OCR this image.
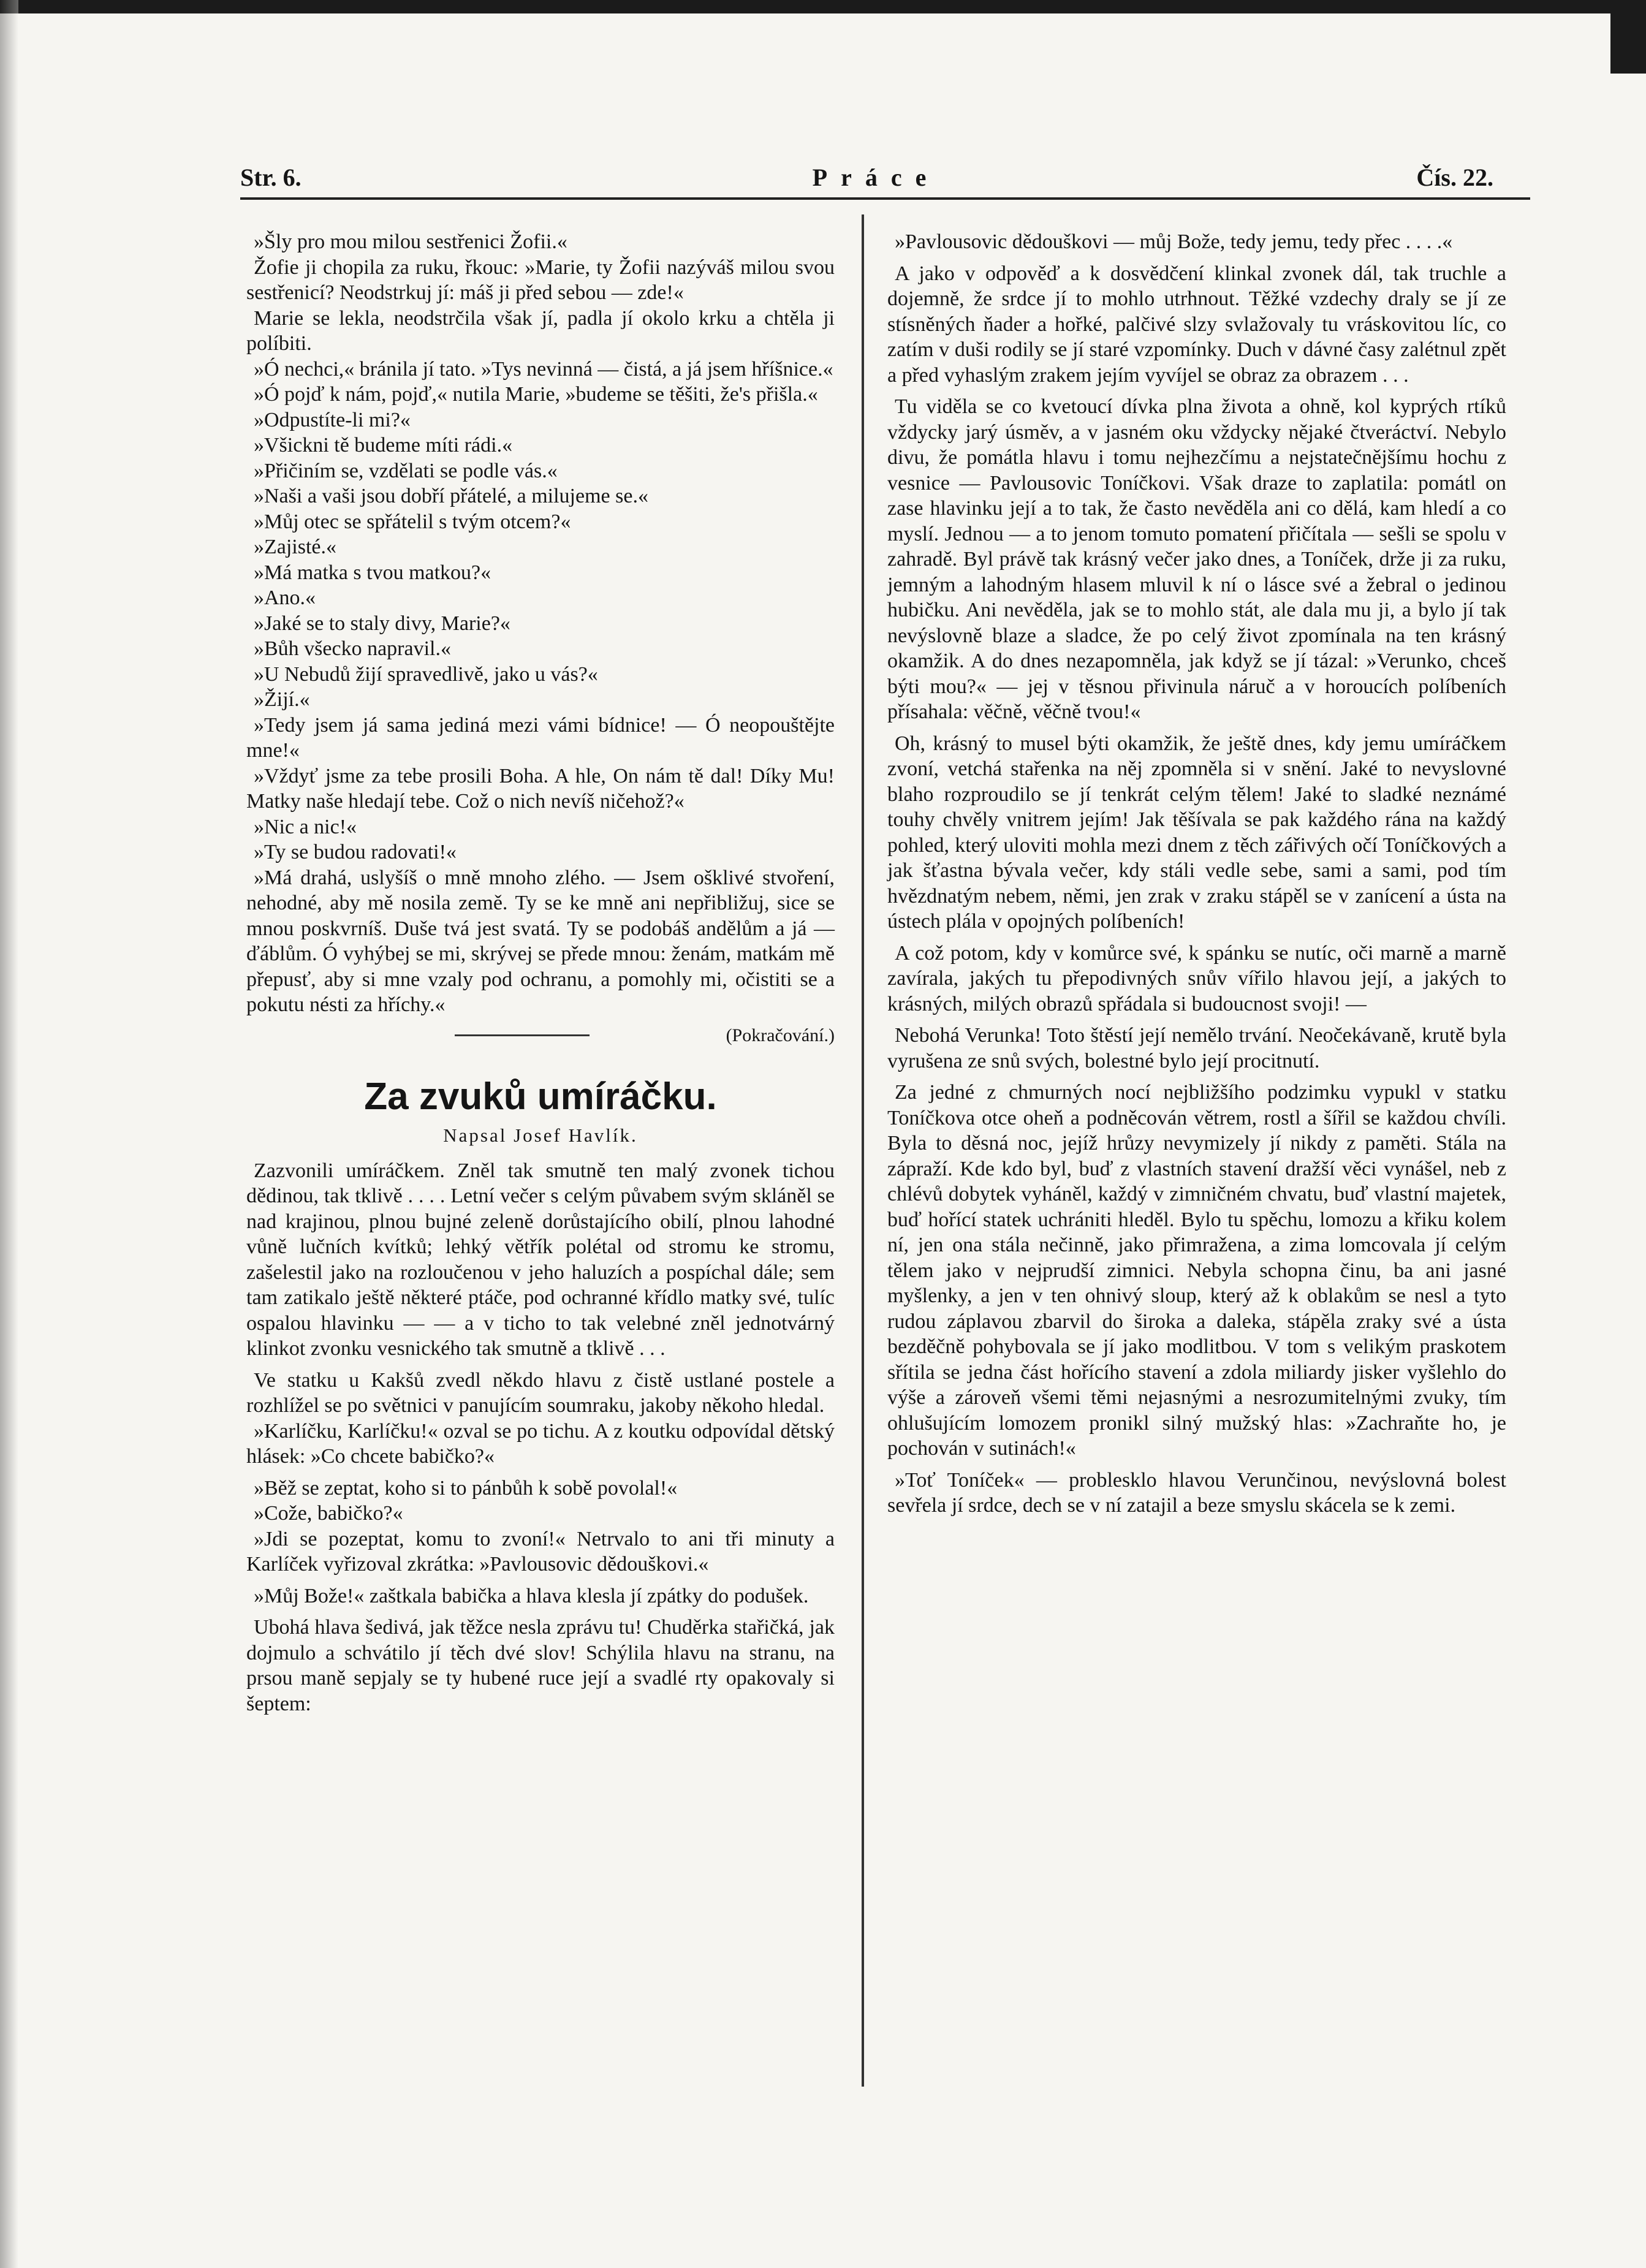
Práce
Str. 6.	Čís. 22.

»Šly pro mou milou sestřenici Žofii.«

Žofie ji chopila za ruku, řkouc: »Marie, ty Žofii nazýváš milou svou sestřenicí? Neodstrkuj jí: máš ji před sebou — zde!«

Marie se lekla, neodstrčila však jí, padla jí okolo krku a chtěla ji políbiti.

»Ó nechci,« bránila jí tato. »Tys nevinná — čistá, a já jsem hříšnice.«

»Ó pojď k nám, pojď,« nutila Marie, »budeme se těšiti, že's přišla.«

»Odpustíte-li mi?«

»Všickni tě budeme míti rádi.«

»Přičiním se, vzdělati se podle vás.«

»Naši a vaši jsou dobří přátelé, a milujeme se.«

»Můj otec se spřátelil s tvým otcem?«

»Zajisté.«

»Má matka s tvou matkou?«

»Ano.«

»Jaké se to staly divy, Marie?«

»Bůh všecko napravil.«

»U Nebudů žijí spravedlivě, jako u vás?«

»Žijí.«

»Tedy jsem já sama jediná mezi vámi bídnice! — Ó neopouštějte mne!«

»Vždyť jsme za tebe prosili Boha. A hle, On nám tě dal! Díky Mu! Matky naše hledají tebe. Což o nich nevíš ničehož?«

»Nic a nic!«

»Ty se budou radovati!«

»Má drahá, uslyšíš o mně mnoho zlého. — Jsem ošklivé stvoření, nehodné, aby mě nosila země. Ty se ke mně ani nepřibližuj, sice se mnou poskvrníš. Duše tvá jest svatá. Ty se podobáš andělům a já — ďáblům. Ó vyhýbej se mi, skrývej se přede mnou: ženám, matkám mě přepusť, aby si mne vzaly pod ochranu, a pomohly mi, očistiti se a pokutu nésti za hříchy.«

(Pokračování.)
Za zvuků umíráčku.
Napsal Josef Havlík.

Zazvonili umíráčkem. Zněl tak smutně ten malý zvonek tichou dědinou, tak tklivě . . . . Letní večer s celým půvabem svým skláněl se nad krajinou, plnou bujné zeleně dorůstajícího obilí, plnou lahodné vůně lučních kvítků; lehký větřík polétal od stromu ke stromu, zašelestil jako na rozloučenou v jeho haluzích a pospíchal dále; sem tam zatikalo ještě některé ptáče, pod ochranné křídlo matky své, tulíc ospalou hlavinku — — a v ticho to tak velebné zněl jednotvárný klinkot zvonku vesnického tak smutně a tklivě . . .

Ve statku u Kakšů zvedl někdo hlavu z čistě ustlané postele a rozhlížel se po světnici v panujícím soumraku, jakoby někoho hledal.

»Karlíčku, Karlíčku!« ozval se po tichu. A z koutku odpovídal dětský hlásek: »Co chcete babičko?«

»Běž se zeptat, koho si to pánbůh k sobě povolal!«

»Cože, babičko?«

»Jdi se pozeptat, komu to zvoní!« Netrvalo to ani tři minuty a Karlíček vyřizoval zkrátka: »Pavlousovic dědouškovi.«

»Můj Bože!« zaštkala babička a hlava klesla jí zpátky do podušek.

Ubohá hlava šedivá, jak těžce nesla zprávu tu! Chuděrka stařičká, jak dojmulo a schvátilo jí těch dvé slov! Schýlila hlavu na stranu, na prsou maně sepjaly se ty hubené ruce její a svadlé rty opakovaly si šeptem:

»Pavlousovic dědouškovi — můj Bože, tedy jemu, tedy přec . . . .«

A jako v odpověď a k dosvědčení klinkal zvonek dál, tak truchle a dojemně, že srdce jí to mohlo utrhnout. Těžké vzdechy draly se jí ze stísněných ňader a hořké, palčivé slzy svlažovaly tu vráskovitou líc, co zatím v duši rodily se jí staré vzpomínky. Duch v dávné časy zalétnul zpět a před vyhaslým zrakem jejím vyvíjel se obraz za obrazem . . .

Tu viděla se co kvetoucí dívka plna života a ohně, kol kyprých rtíků vždycky jarý úsměv, a v jasném oku vždycky nějaké čtveráctví. Nebylo divu, že pomátla hlavu i tomu nejhezčímu a nejstatečnějšímu hochu z vesnice — Pavlousovic Toníčkovi. Však draze to zaplatila: pomátl on zase hlavinku její a to tak, že často nevěděla ani co dělá, kam hledí a co myslí. Jednou — a to jenom tomuto pomatení přičítala — sešli se spolu v zahradě. Byl právě tak krásný večer jako dnes, a Toníček, drže ji za ruku, jemným a lahodným hlasem mluvil k ní o lásce své a žebral o jedinou hubičku. Ani nevěděla, jak se to mohlo stát, ale dala mu ji, a bylo jí tak nevýslovně blaze a sladce, že po celý život zpomínala na ten krásný okamžik. A do dnes nezapomněla, jak když se jí tázal: »Verunko, chceš býti mou?« — jej v těsnou přivinula náruč a v horoucích políbeních přísahala: věčně, věčně tvou!«

Oh, krásný to musel býti okamžik, že ještě dnes, kdy jemu umíráčkem zvoní, vetchá stařenka na něj zpomněla si v snění. Jaké to nevyslovné blaho rozproudilo se jí tenkrát celým tělem! Jaké to sladké neznámé touhy chvěly vnitrem jejím! Jak těšívala se pak každého rána na každý pohled, který uloviti mohla mezi dnem z těch zářivých očí Toníčkových a jak šťastna bývala večer, kdy stáli vedle sebe, sami a sami, pod tím hvězdnatým nebem, němi, jen zrak v zraku stápěl se v zanícení a ústa na ústech plála v opojných políbeních!

A což potom, kdy v komůrce své, k spánku se nutíc, oči marně a marně zavírala, jakých tu přepodivných snův vířilo hlavou její, a jakých to krásných, milých obrazů spřádala si budoucnost svoji! —

Nebohá Verunka! Toto štěstí její nemělo trvání. Neočekávaně, krutě byla vyrušena ze snů svých, bolestné bylo její procitnutí.

Za jedné z chmurných nocí nejbližšího podzimku vypukl v statku Toníčkova otce oheň a podněcován větrem, rostl a šířil se každou chvíli. Byla to děsná noc, jejíž hrůzy nevymizely jí nikdy z paměti. Stála na zápraží. Kde kdo byl, buď z vlastních stavení dražší věci vynášel, neb z chlévů dobytek vyháněl, každý v zimničném chvatu, buď vlastní majetek, buď hořící statek uchrániti hleděl. Bylo tu spěchu, lomozu a křiku kolem ní, jen ona stála nečinně, jako přimražena, a zima lomcovala jí celým tělem jako v nejprudší zimnici. Nebyla schopna činu, ba ani jasné myšlenky, a jen v ten ohnivý sloup, který až k oblakům se nesl a tyto rudou záplavou zbarvil do široka a daleka, stápěla zraky své a ústa bezděčně pohybovala se jí jako modlitbou. V tom s velikým praskotem sřítila se jedna část hořícího stavení a zdola miliardy jisker vyšlehlo do výše a zároveň všemi těmi nejasnými a nesrozumitelnými zvuky, tím ohlušujícím lomozem pronikl silný mužský hlas: »Zachraňte ho, je pochován v sutinách!«

»Toť Toníček« — problesklo hlavou Verunčinou, nevýslovná bolest sevřela jí srdce, dech se v ní zatajil a beze smyslu skácela se k zemi.
